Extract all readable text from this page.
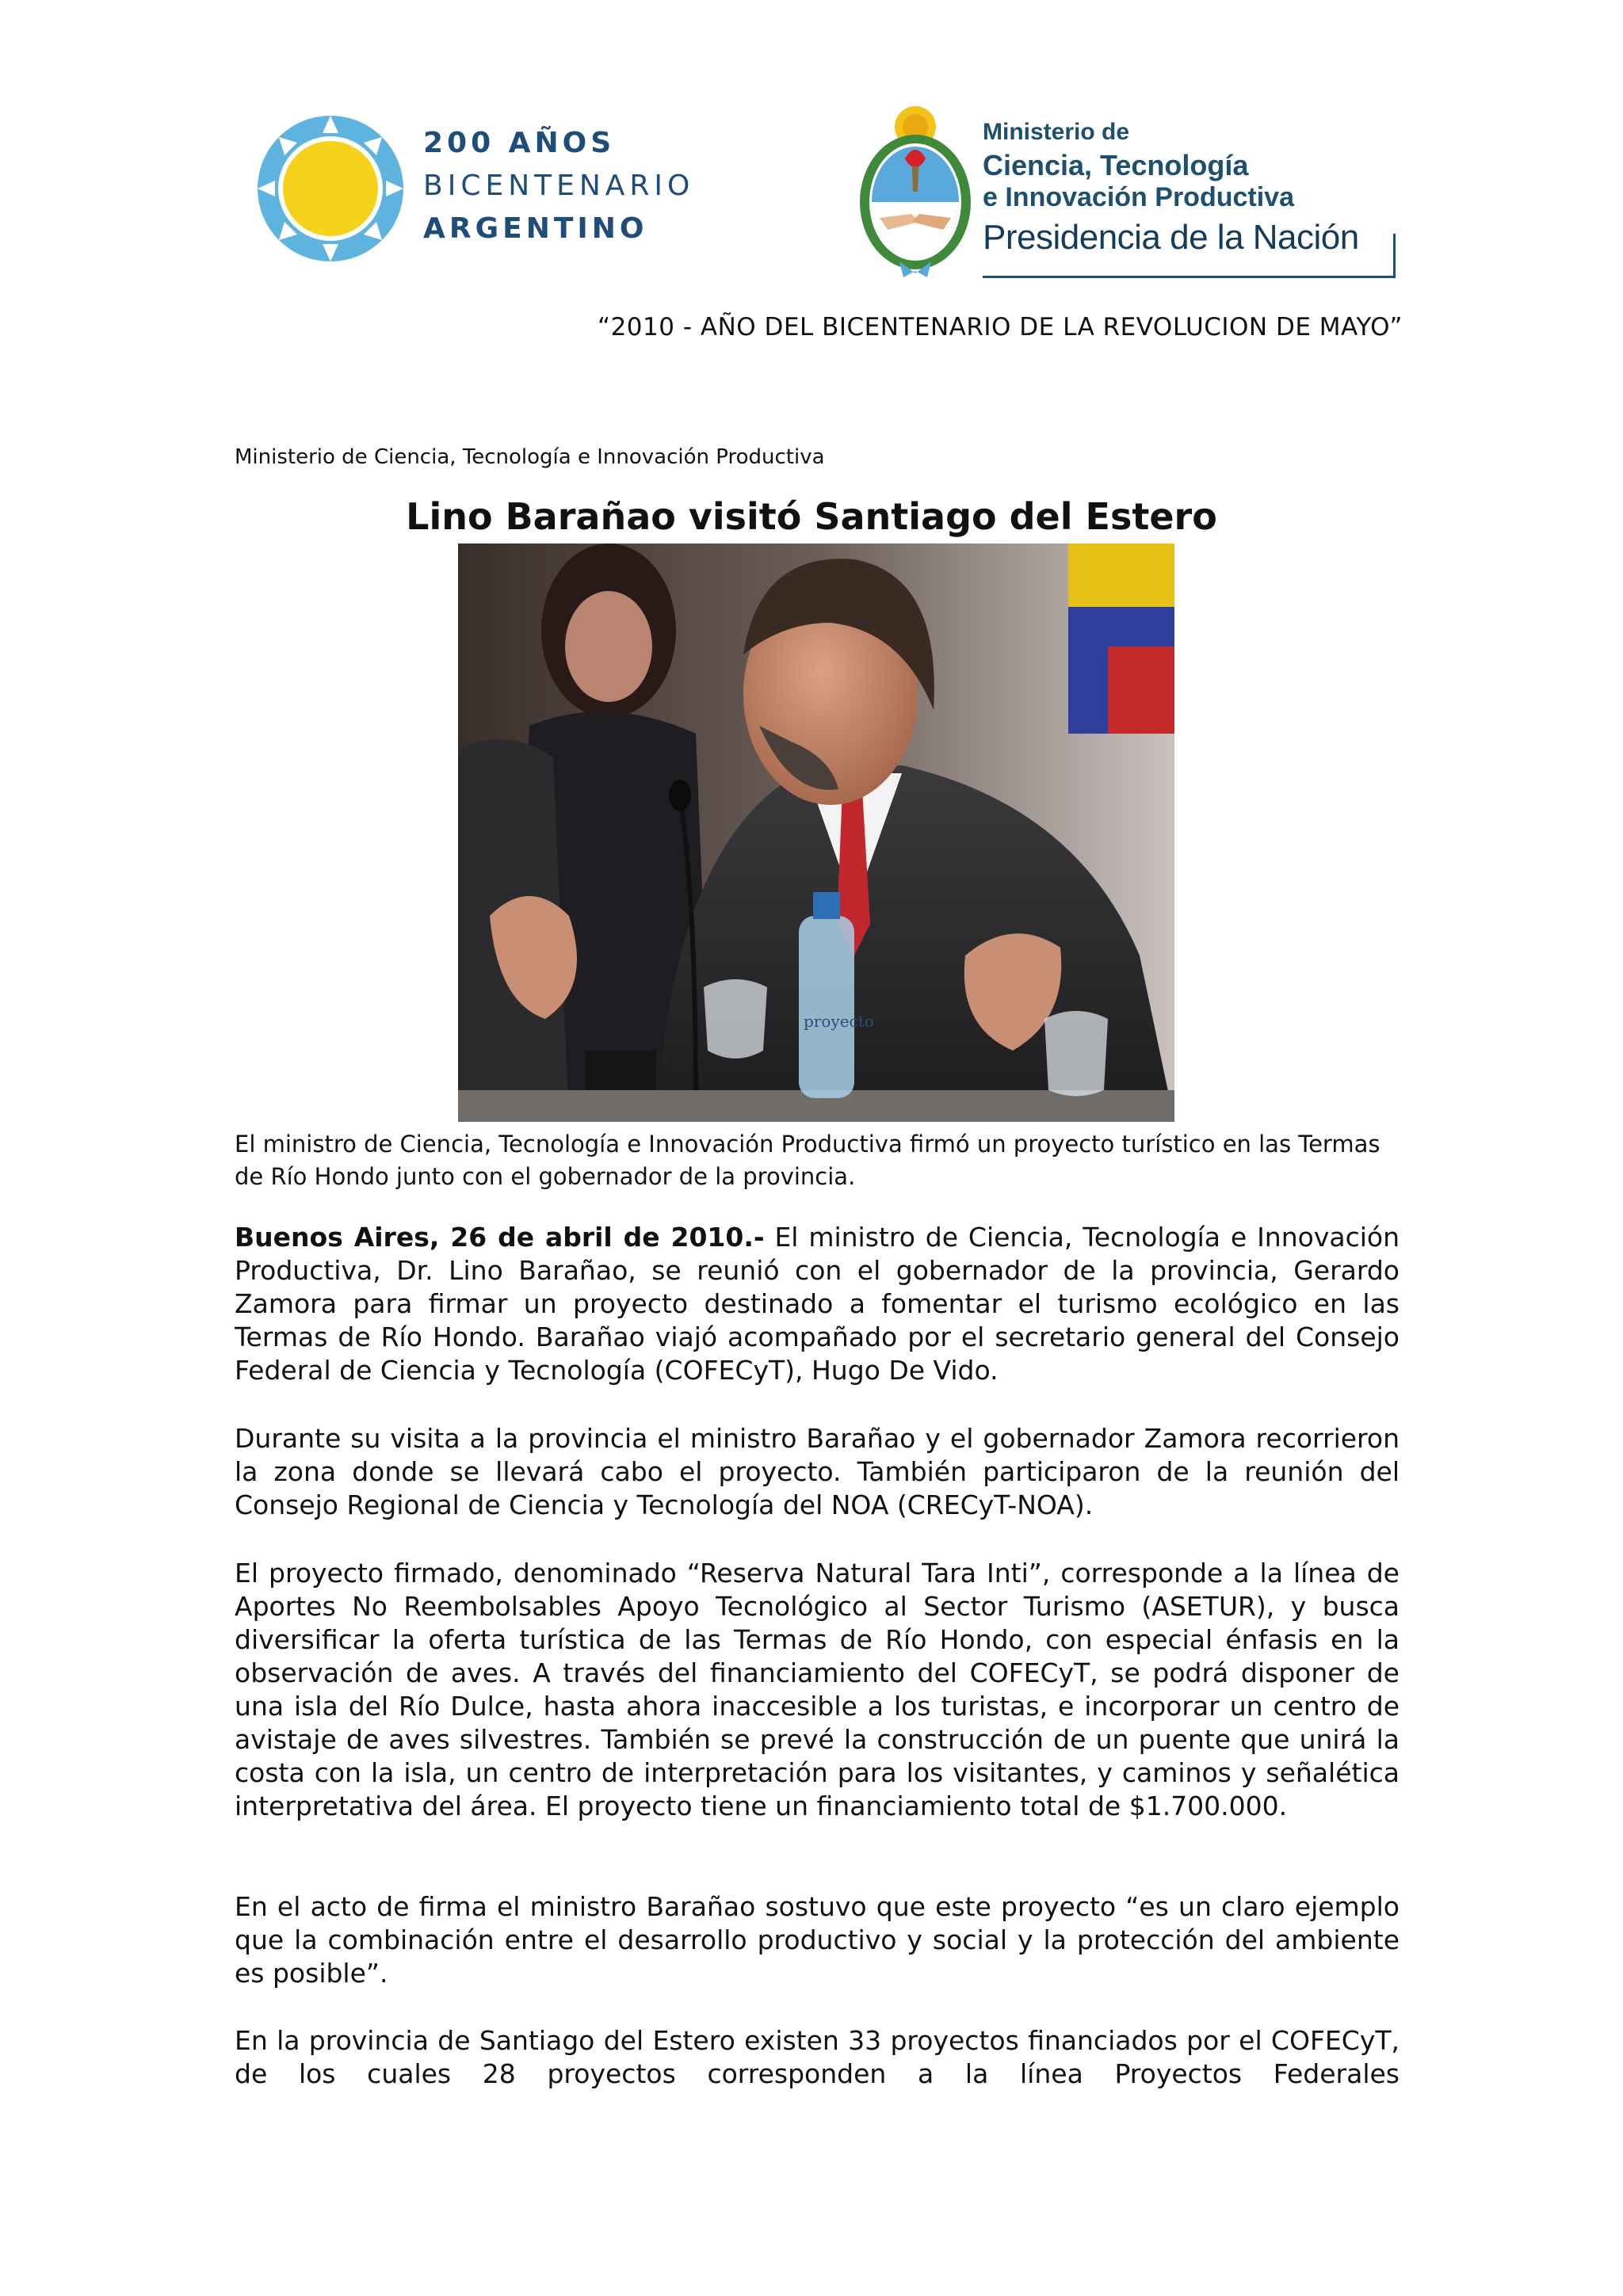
200 AÑOS
BICENTENARIO
ARGENTINO
Ministerio de
Ciencia, Tecnología
e Innovación Productiva
Presidencia de la Nación
“2010 - AÑO DEL BICENTENARIO DE LA REVOLUCION DE MAYO”
Ministerio de Ciencia, Tecnología e Innovación Productiva
Lino Barañao visitó Santiago del Estero
proyecto
El ministro de Ciencia, Tecnología e Innovación Productiva firmó un proyecto turístico en las Termas de Río Hondo junto con el gobernador de la provincia.
Buenos Aires, 26 de abril de 2010.- El ministro de Ciencia, Tecnología e Innovación Productiva, Dr. Lino Barañao, se reunió con el gobernador de la provincia, Gerardo Zamora para firmar un proyecto destinado a fomentar el turismo ecológico en las Termas de Río Hondo. Barañao viajó acompañado por el secretario general del Consejo Federal de Ciencia y Tecnología (COFECyT), Hugo De Vido.
Durante su visita a la provincia el ministro Barañao y el gobernador Zamora recorrieron la zona donde se llevará cabo el proyecto. También participaron de la reunión del Consejo Regional de Ciencia y Tecnología del NOA (CRECyT-NOA).
El proyecto firmado, denominado “Reserva Natural Tara Inti”, corresponde a la línea de Aportes No Reembolsables Apoyo Tecnológico al Sector Turismo (ASETUR), y busca diversificar la oferta turística de las Termas de Río Hondo, con especial énfasis en la observación de aves. A través del financiamiento del COFECyT, se podrá disponer de una isla del Río Dulce, hasta ahora inaccesible a los turistas, e incorporar un centro de avistaje de aves silvestres. También se prevé la construcción de un puente que unirá la costa con la isla, un centro de interpretación para los visitantes, y caminos y señalética interpretativa del área. El proyecto tiene un financiamiento total de $1.700.000.
En el acto de firma el ministro Barañao sostuvo que este proyecto “es un claro ejemplo que la combinación entre el desarrollo productivo y social y la protección del ambiente es posible”.
En la provincia de Santiago del Estero existen 33 proyectos financiados por el COFECyT, de los cuales 28 proyectos corresponden a la línea Proyectos Federales
